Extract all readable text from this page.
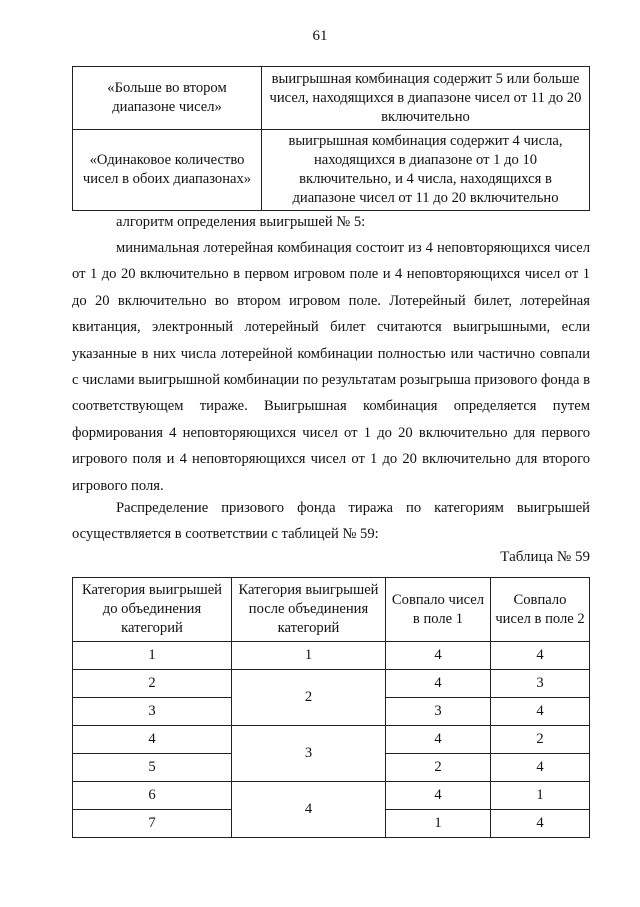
61
«Больше во втором диапазоне чисел»	выигрышная комбинация содержит 5 или больше чисел, находящихся в диапазоне чисел от 11 до 20 включительно
«Одинаковое количество чисел в обоих диапазонах»	выигрышная комбинация содержит 4 числа, находящихся в диапазоне от 1 до 10 включительно, и 4 числа, находящихся в диапазоне чисел от 11 до 20 включительно

алгоритм определения выигрышей № 5:

минимальная лотерейная комбинация состоит из 4 неповторяющихся чисел от 1 до 20 включительно в первом игровом поле и 4 неповторяющихся чисел от 1 до 20 включительно во втором игровом поле. Лотерейный билет, лотерейная квитанция, электронный лотерейный билет считаются выигрышными, если указанные в них числа лотерейной комбинации полностью или частично совпали с числами выигрышной комбинации по результатам розыгрыша призового фонда в соответствующем тираже. Выигрышная комбинация определяется путем формирования 4 неповторяющихся чисел от 1 до 20 включительно для первого игрового поля и 4 неповторяющихся чисел от 1 до 20 включительно для второго игрового поля.

Распределение призового фонда тиража по категориям выигрышей осуществляется в соответствии с таблицей № 59:

Таблица № 59
Категория выигрышей до объединения категорий	Категория выигрышей после объединения категорий	Совпало чисел в поле 1	Совпало чисел в поле 2
1	1	4	4
2	2	4	3
3		3	4
4	3	4	2
5		2	4
6	4	4	1
7		1	4
